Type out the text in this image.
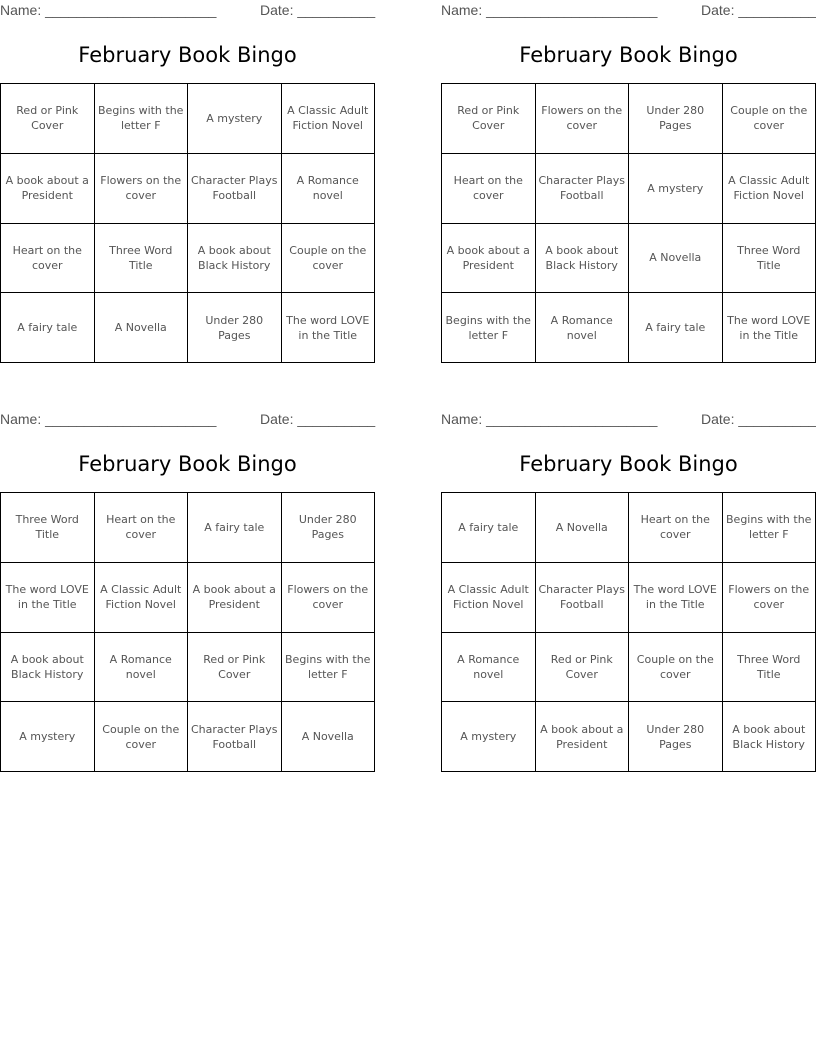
Name: ______________________	Date: __________
February Book Bingo
Red or Pink Cover	Begins with the letter F	A mystery	A Classic Adult Fiction Novel
A book about a President	Flowers on the cover	Character Plays Football	A Romance novel
Heart on the cover	Three Word Title	A book about Black History	Couple on the cover
A fairy tale	A Novella	Under 280 Pages	The word LOVE in the Title
Name: ______________________	Date: __________
February Book Bingo
Red or Pink Cover	Flowers on the cover	Under 280 Pages	Couple on the cover
Heart on the cover	Character Plays Football	A mystery	A Classic Adult Fiction Novel
A book about a President	A book about Black History	A Novella	Three Word Title
Begins with the letter F	A Romance novel	A fairy tale	The word LOVE in the Title
Name: ______________________	Date: __________
February Book Bingo
Three Word Title	Heart on the cover	A fairy tale	Under 280 Pages
The word LOVE in the Title	A Classic Adult Fiction Novel	A book about a President	Flowers on the cover
A book about Black History	A Romance novel	Red or Pink Cover	Begins with the letter F
A mystery	Couple on the cover	Character Plays Football	A Novella
Name: ______________________	Date: __________
February Book Bingo
A fairy tale	A Novella	Heart on the cover	Begins with the letter F
A Classic Adult Fiction Novel	Character Plays Football	The word LOVE in the Title	Flowers on the cover
A Romance novel	Red or Pink Cover	Couple on the cover	Three Word Title
A mystery	A book about a President	Under 280 Pages	A book about Black History
